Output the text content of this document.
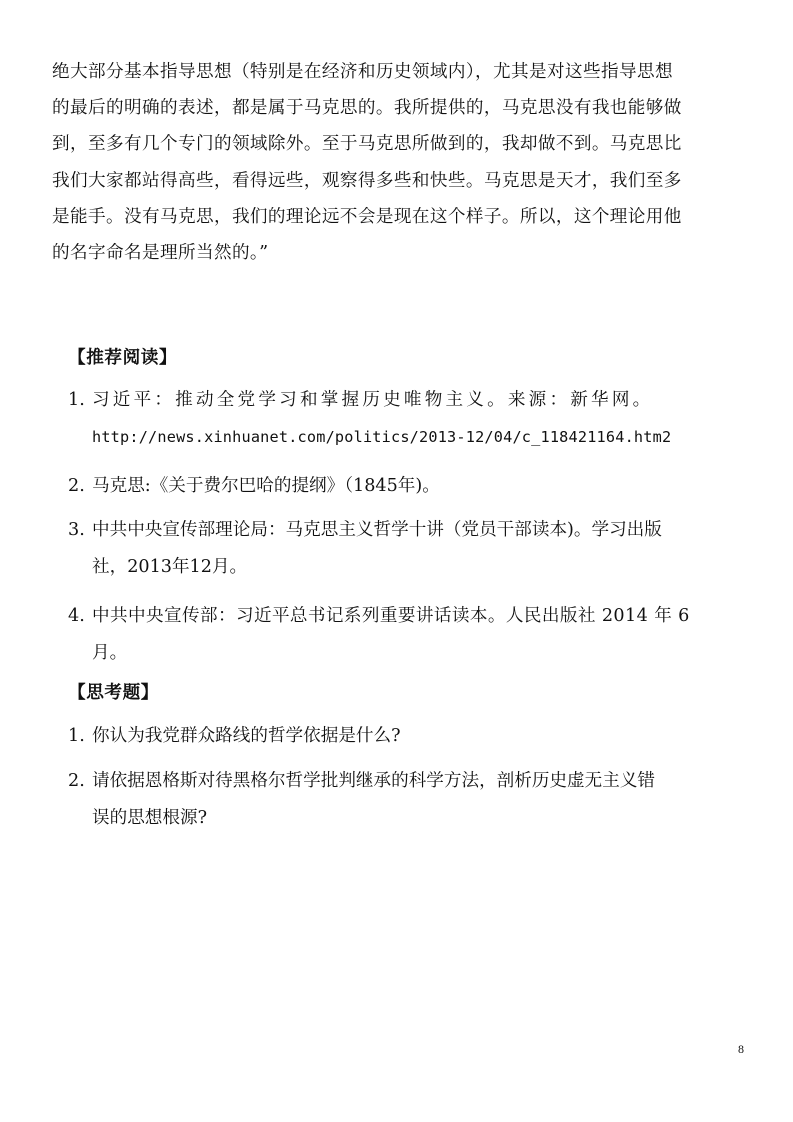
绝大部分基本指导思想（特别是在经济和历史领域内），尤其是对这些指导思想
的最后的明确的表述，都是属于马克思的。我所提供的，马克思没有我也能够做
到，至多有几个专门的领域除外。至于马克思所做到的，我却做不到。马克思比
我们大家都站得高些，看得远些，观察得多些和快些。马克思是天才，我们至多
是能手。没有马克思，我们的理论远不会是现在这个样子。所以，这个理论用他
的名字命名是理所当然的。”
【推荐阅读】
1. 习近平：推动全党学习和掌握历史唯物主义。来源：新华网。
http://news.xinhuanet.com/politics/2013-12/04/c_118421164.htm2
2. 马克思:《关于费尔巴哈的提纲》（1845年)。
3. 中共中央宣传部理论局：马克思主义哲学十讲（党员干部读本)。学习出版
社，2013年12月。
4. 中共中央宣传部：习近平总书记系列重要讲话读本。人民出版社 2014 年 6
月。
【思考题】
1. 你认为我党群众路线的哲学依据是什么?
2. 请依据恩格斯对待黑格尔哲学批判继承的科学方法，剖析历史虚无主义错
误的思想根源?
8
